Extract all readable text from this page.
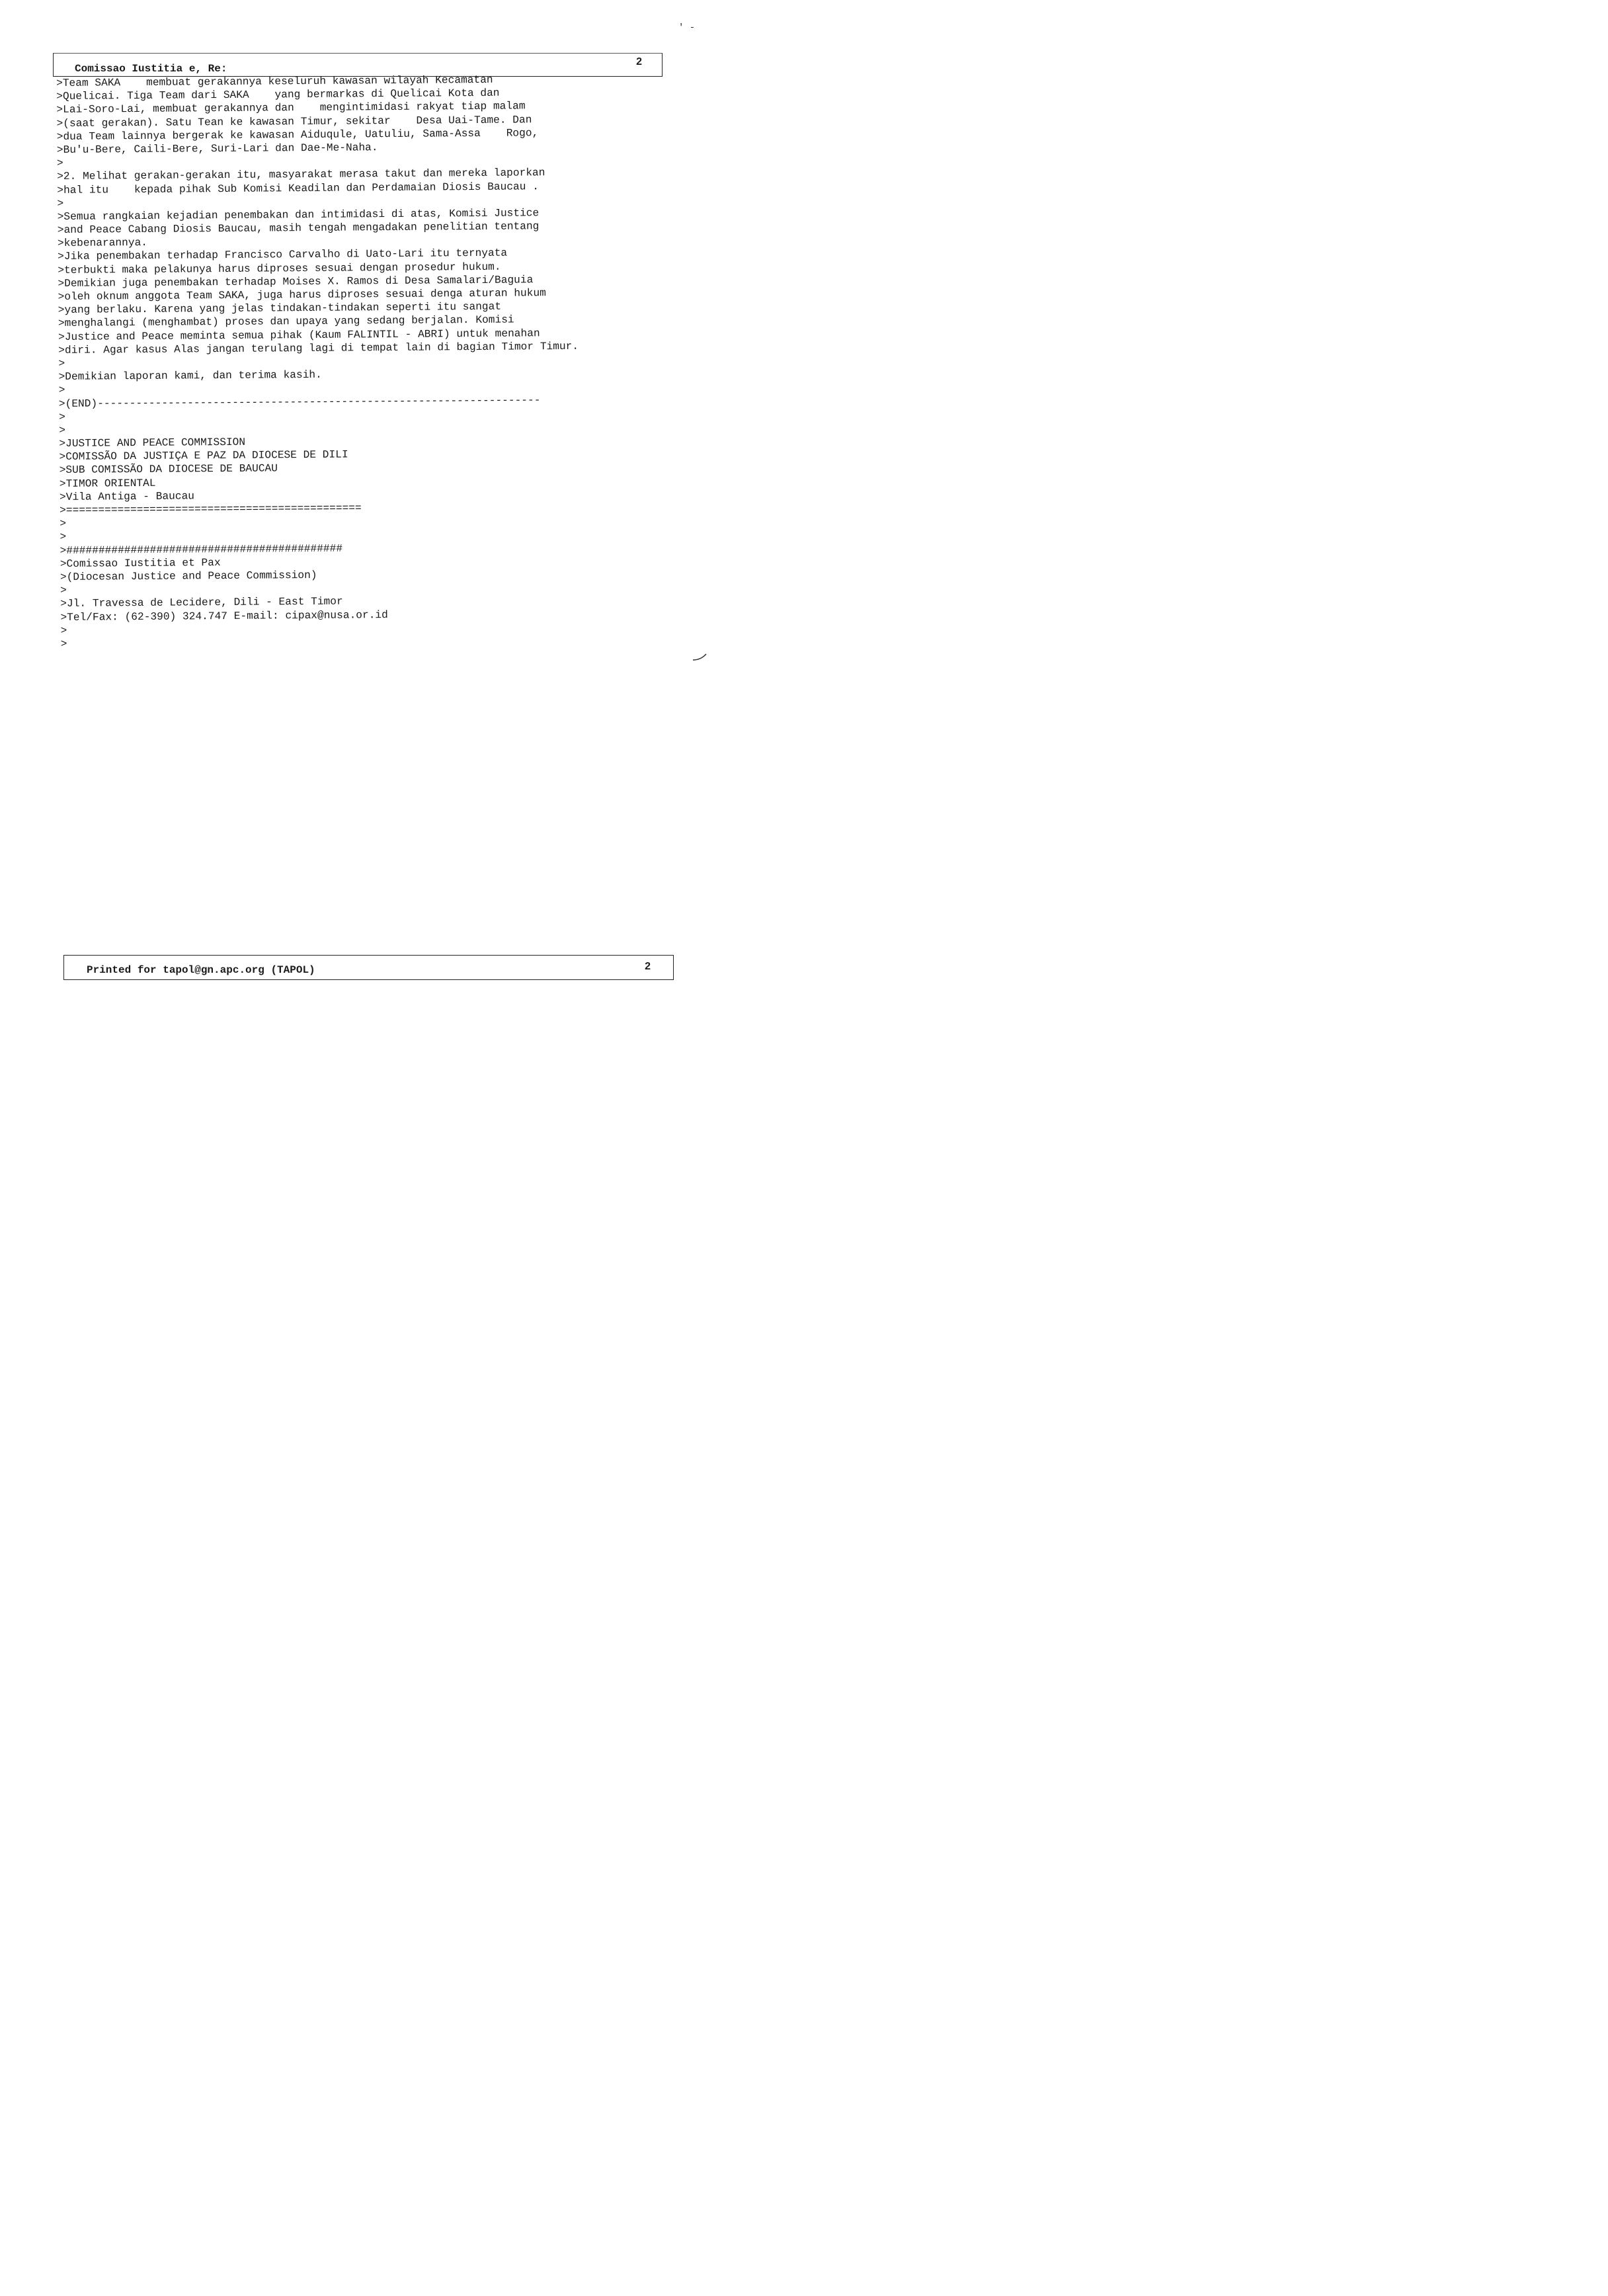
' -
Comissao Iustitia e, Re:
2
>Team SAKA    membuat gerakannya keseluruh kawasan wilayah Kecamatan
>Quelicai. Tiga Team dari SAKA    yang bermarkas di Quelicai Kota dan
>Lai-Soro-Lai, membuat gerakannya dan    mengintimidasi rakyat tiap malam
>(saat gerakan). Satu Tean ke kawasan Timur, sekitar    Desa Uai-Tame. Dan
>dua Team lainnya bergerak ke kawasan Aiduqule, Uatuliu, Sama-Assa    Rogo,
>Bu'u-Bere, Caili-Bere, Suri-Lari dan Dae-Me-Naha.
>
>2. Melihat gerakan-gerakan itu, masyarakat merasa takut dan mereka laporkan
>hal itu    kepada pihak Sub Komisi Keadilan dan Perdamaian Diosis Baucau .
>
>Semua rangkaian kejadian penembakan dan intimidasi di atas, Komisi Justice
>and Peace Cabang Diosis Baucau, masih tengah mengadakan penelitian tentang
>kebenarannya.
>Jika penembakan terhadap Francisco Carvalho di Uato-Lari itu ternyata
>terbukti maka pelakunya harus diproses sesuai dengan prosedur hukum.
>Demikian juga penembakan terhadap Moises X. Ramos di Desa Samalari/Baguia
>oleh oknum anggota Team SAKA, juga harus diproses sesuai denga aturan hukum
>yang berlaku. Karena yang jelas tindakan-tindakan seperti itu sangat
>menghalangi (menghambat) proses dan upaya yang sedang berjalan. Komisi
>Justice and Peace meminta semua pihak (Kaum FALINTIL - ABRI) untuk menahan
>diri. Agar kasus Alas jangan terulang lagi di tempat lain di bagian Timor Timur.
>
>Demikian laporan kami, dan terima kasih.
>
>(END)---------------------------------------------------------------------
>
>
>JUSTICE AND PEACE COMMISSION
>COMISSÃO DA JUSTIÇA E PAZ DA DIOCESE DE DILI
>SUB COMISSÃO DA DIOCESE DE BAUCAU
>TIMOR ORIENTAL
>Vila Antiga - Baucau
>==============================================
>
>
>###########################################
>Comissao Iustitia et Pax
>(Diocesan Justice and Peace Commission)
>
>Jl. Travessa de Lecidere, Dili - East Timor
>Tel/Fax: (62-390) 324.747 E-mail: cipax@nusa.or.id
>
>
Printed for tapol@gn.apc.org (TAPOL)	2
